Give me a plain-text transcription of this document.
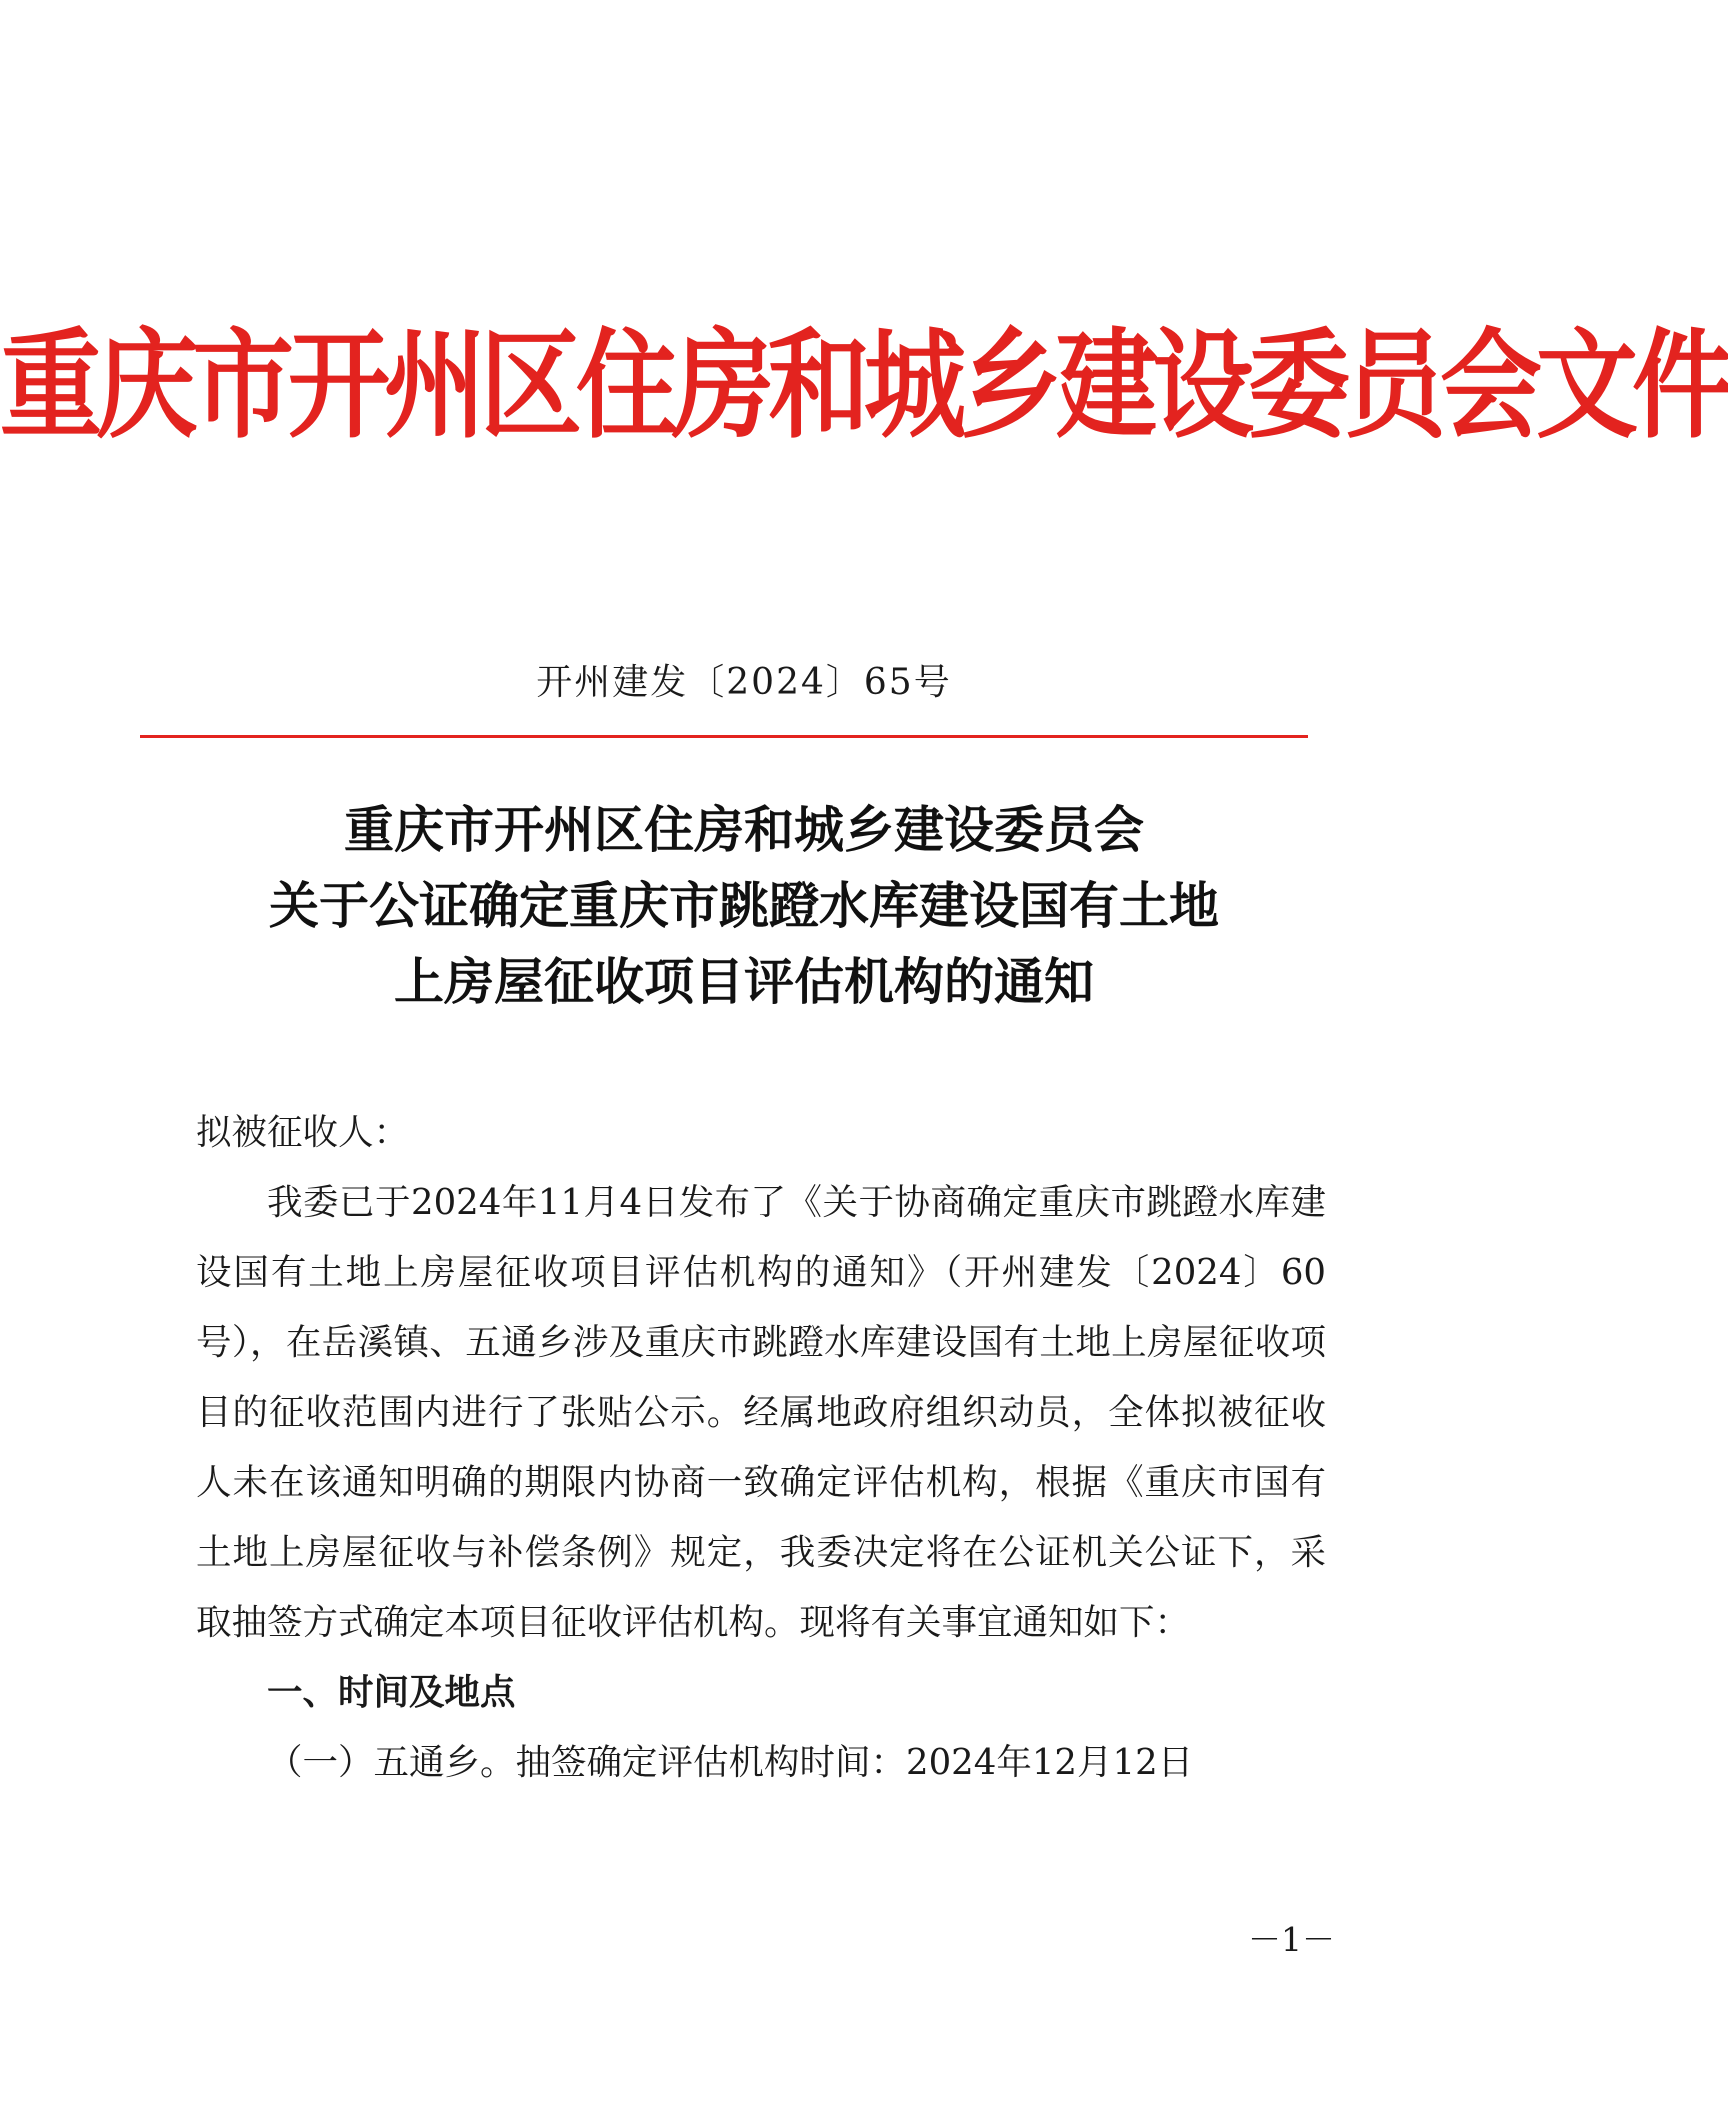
重庆市开州区住房和城乡建设委员会文件
开州建发〔2024〕65号
重庆市开州区住房和城乡建设委员会
关于公证确定重庆市跳蹬水库建设国有土地
上房屋征收项目评估机构的通知

拟被征收人：

我委已于2024年11月4日发布了《关于协商确定重庆市跳蹬水库建设国有土地上房屋征收项目评估机构的通知》（开州建发〔2024〕60号），在岳溪镇、五通乡涉及重庆市跳蹬水库建设国有土地上房屋征收项目的征收范围内进行了张贴公示。经属地政府组织动员，全体拟被征收人未在该通知明确的期限内协商一致确定评估机构，根据《重庆市国有土地上房屋征收与补偿条例》规定，我委决定将在公证机关公证下，采取抽签方式确定本项目征收评估机构。现将有关事宜通知如下：

一、时间及地点

（一）五通乡。抽签确定评估机构时间：2024年12月12日

－1－
